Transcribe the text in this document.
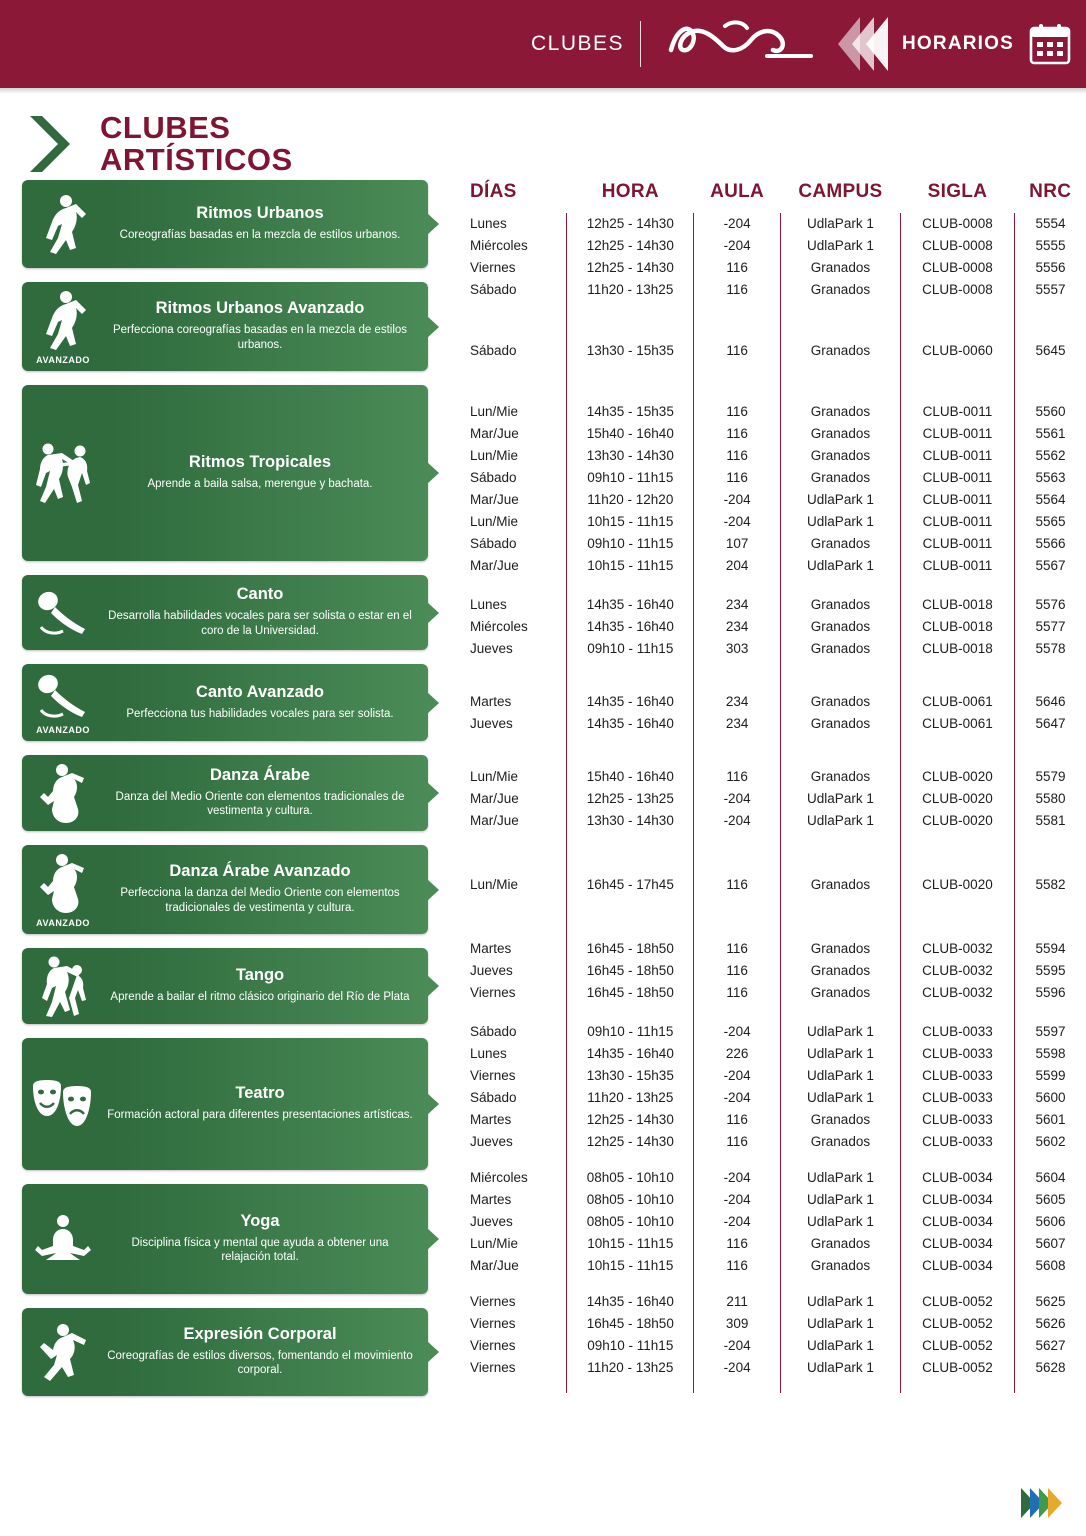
CLUBES	HORARIOS
CLUBES
ARTÍSTICOS
Ritmos Urbanos
Coreografías basadas en la mezcla de estilos urbanos.
AVANZADO
Ritmos Urbanos Avanzado
Perfecciona coreografías basadas en la mezcla de estilos urbanos.
Ritmos Tropicales
Aprende a baila salsa, merengue y bachata.
Canto
Desarrolla habilidades vocales para ser solista o estar en el coro de la Universidad.
AVANZADO
Canto Avanzado
Perfecciona tus habilidades vocales para ser solista.
Danza Árabe
Danza del Medio Oriente con elementos tradicionales de vestimenta y cultura.
AVANZADO
Danza Árabe Avanzado
Perfecciona la danza del Medio Oriente con elementos tradicionales de vestimenta y cultura.
Tango
Aprende a bailar el ritmo clásico originario del Río de Plata
Teatro
Formación actoral para diferentes presentaciones artísticas.
Yoga
Disciplina física y mental que ayuda a obtener una relajación total.
Expresión Corporal
Coreografías de estilos diversos, fomentando el movimiento corporal.
DÍAS	HORA	AULA	CAMPUS	SIGLA	NRC
Lunes	12h25 - 14h30	-204	UdlaPark 1	CLUB-0008	5554
Miércoles	12h25 - 14h30	-204	UdlaPark 1	CLUB-0008	5555
Viernes	12h25 - 14h30	116	Granados	CLUB-0008	5556
Sábado	11h20 - 13h25	116	Granados	CLUB-0008	5557
Sábado	13h30 - 15h35	116	Granados	CLUB-0060	5645
Lun/Mie	14h35 - 15h35	116	Granados	CLUB-0011	5560
Mar/Jue	15h40 - 16h40	116	Granados	CLUB-0011	5561
Lun/Mie	13h30 - 14h30	116	Granados	CLUB-0011	5562
Sábado	09h10 - 11h15	116	Granados	CLUB-0011	5563
Mar/Jue	11h20 - 12h20	-204	UdlaPark 1	CLUB-0011	5564
Lun/Mie	10h15 - 11h15	-204	UdlaPark 1	CLUB-0011	5565
Sábado	09h10 - 11h15	107	Granados	CLUB-0011	5566
Mar/Jue	10h15 - 11h15	204	UdlaPark 1	CLUB-0011	5567
Lunes	14h35 - 16h40	234	Granados	CLUB-0018	5576
Miércoles	14h35 - 16h40	234	Granados	CLUB-0018	5577
Jueves	09h10 - 11h15	303	Granados	CLUB-0018	5578
Martes	14h35 - 16h40	234	Granados	CLUB-0061	5646
Jueves	14h35 - 16h40	234	Granados	CLUB-0061	5647
Lun/Mie	15h40 - 16h40	116	Granados	CLUB-0020	5579
Mar/Jue	12h25 - 13h25	-204	UdlaPark 1	CLUB-0020	5580
Mar/Jue	13h30 - 14h30	-204	UdlaPark 1	CLUB-0020	5581
Lun/Mie	16h45 - 17h45	116	Granados	CLUB-0020	5582
Martes	16h45 - 18h50	116	Granados	CLUB-0032	5594
Jueves	16h45 - 18h50	116	Granados	CLUB-0032	5595
Viernes	16h45 - 18h50	116	Granados	CLUB-0032	5596
Sábado	09h10 - 11h15	-204	UdlaPark 1	CLUB-0033	5597
Lunes	14h35 - 16h40	226	UdlaPark 1	CLUB-0033	5598
Viernes	13h30 - 15h35	-204	UdlaPark 1	CLUB-0033	5599
Sábado	11h20 - 13h25	-204	UdlaPark 1	CLUB-0033	5600
Martes	12h25 - 14h30	116	Granados	CLUB-0033	5601
Jueves	12h25 - 14h30	116	Granados	CLUB-0033	5602
Miércoles	08h05 - 10h10	-204	UdlaPark 1	CLUB-0034	5604
Martes	08h05 - 10h10	-204	UdlaPark 1	CLUB-0034	5605
Jueves	08h05 - 10h10	-204	UdlaPark 1	CLUB-0034	5606
Lun/Mie	10h15 - 11h15	116	Granados	CLUB-0034	5607
Mar/Jue	10h15 - 11h15	116	Granados	CLUB-0034	5608
Viernes	14h35 - 16h40	211	UdlaPark 1	CLUB-0052	5625
Viernes	16h45 - 18h50	309	UdlaPark 1	CLUB-0052	5626
Viernes	09h10 - 11h15	-204	UdlaPark 1	CLUB-0052	5627
Viernes	11h20 - 13h25	-204	UdlaPark 1	CLUB-0052	5628
